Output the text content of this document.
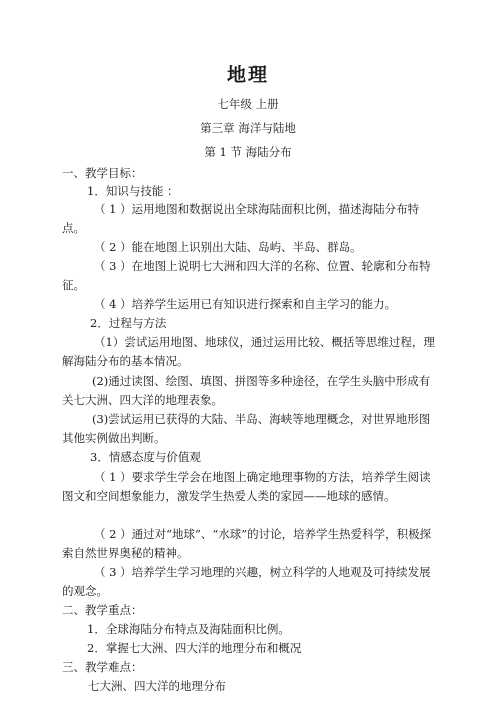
地理
七年级 上册
第三章 海洋与陆地
第 1 节 海陆分布
一、教学目标：
1．知识与技能 ：
（ 1 ）运用地图和数据说出全球海陆面积比例，描述海陆分布特点。
（ 2 ）能在地图上识别出大陆、岛屿、半岛、群岛。
（ 3 ）在地图上说明七大洲和四大洋的名称、位置、轮廓和分布特征。
（ 4 ）培养学生运用已有知识进行探索和自主学习的能力。
2．过程与方法
（1）尝试运用地图、地球仪，通过运用比较、概括等思维过程，理解海陆分布的基本情况。
(2)通过读图、绘图、填图、拼图等多种途径，在学生头脑中形成有关七大洲、四大洋的地理表象。
(3)尝试运用已获得的大陆、半岛、海峡等地理概念，对世界地形图其他实例做出判断。
3．情感态度与价值观
（ 1 ）要求学生学会在地图上确定地理事物的方法，培养学生阅读图文和空间想象能力，激发学生热爱人类的家园——地球的感情。
（ 2 ）通过对“地球”、“水球”的讨论，培养学生热爱科学，积极探索自然世界奥秘的精神。
（ 3 ）培养学生学习地理的兴趣，树立科学的人地观及可持续发展的观念。
二、教学重点：
1．全球海陆分布特点及海陆面积比例。
2．掌握七大洲、四大洋的地理分布和概况
三、教学难点：
七大洲、四大洋的地理分布
